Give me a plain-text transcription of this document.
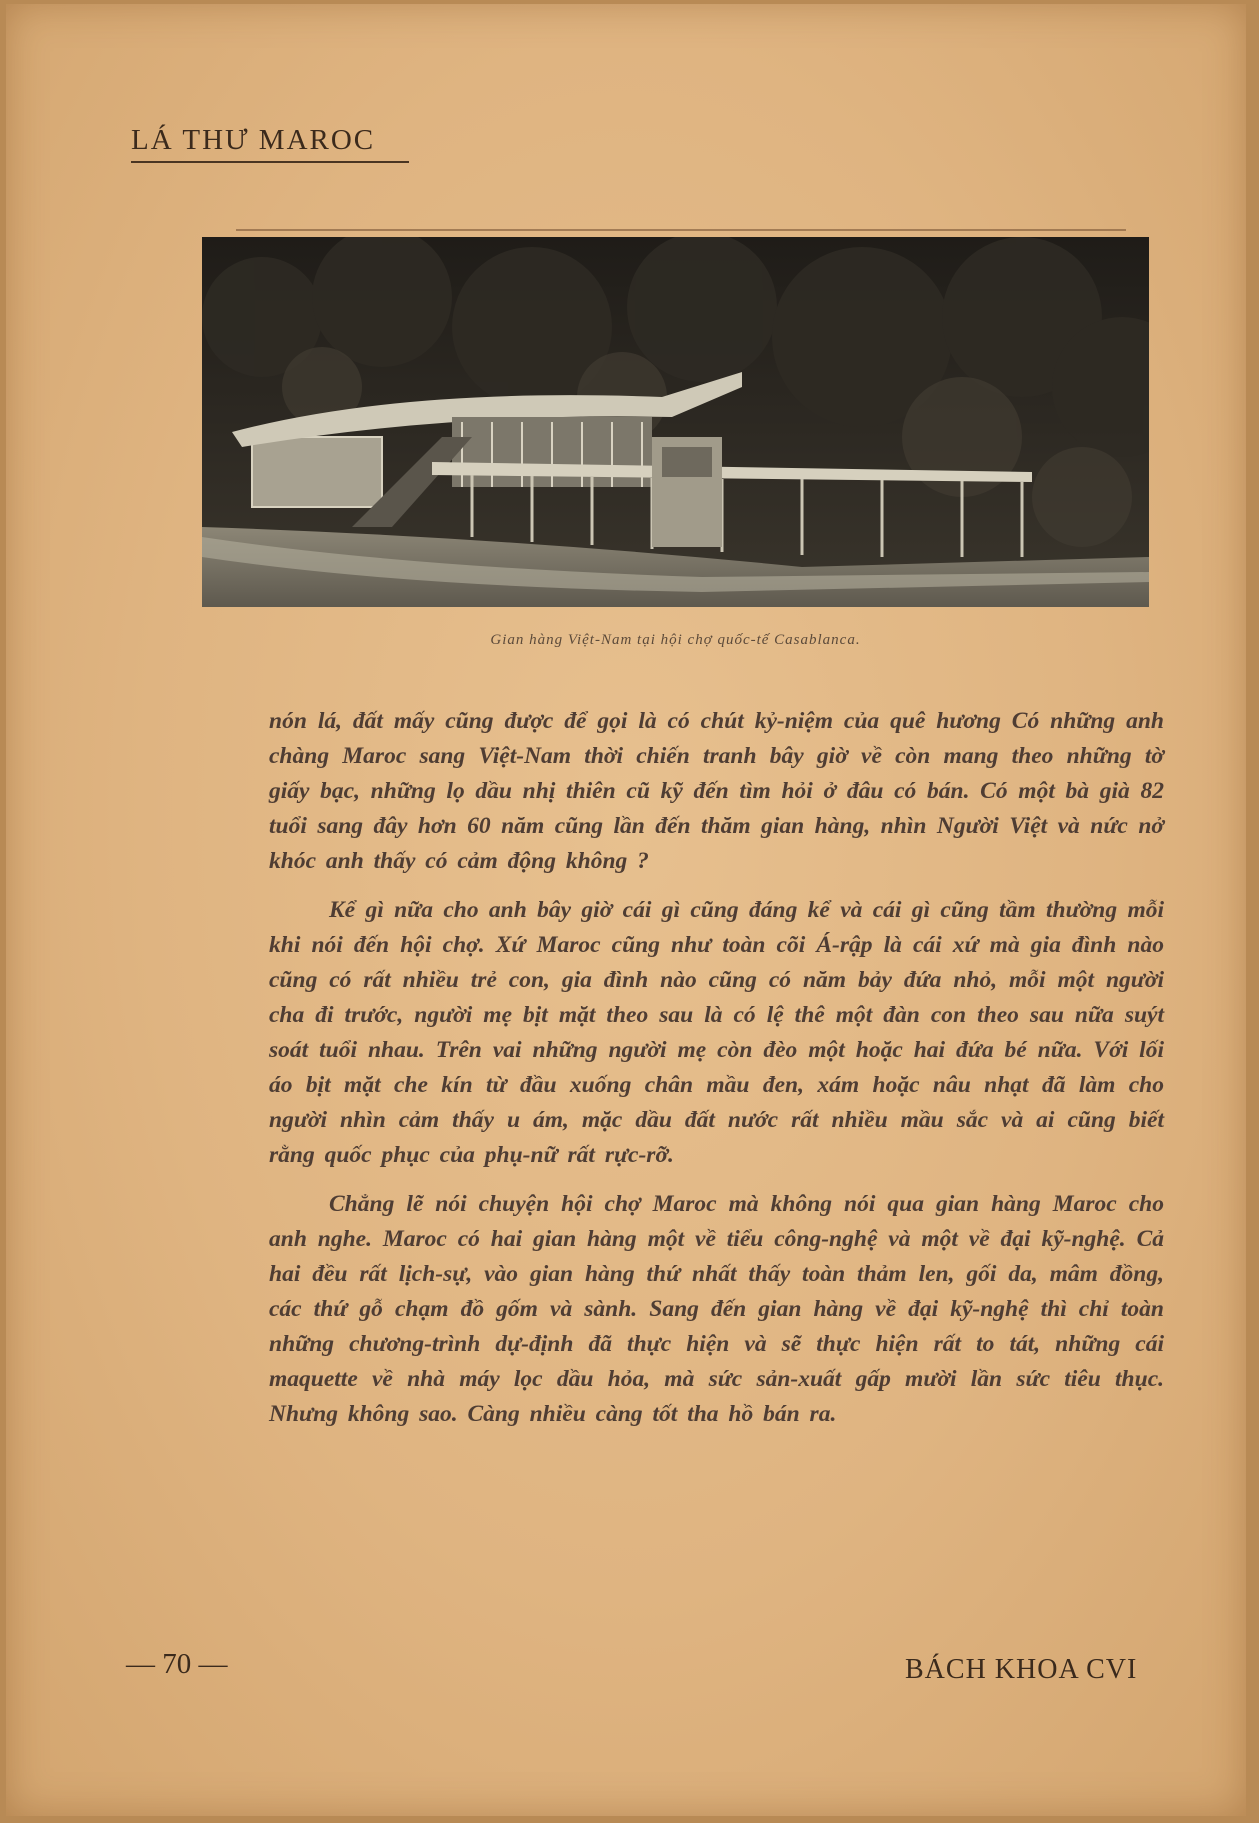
LÁ THƯ MAROC
Gian hàng Việt-Nam tại hội chợ quốc-tế Casablanca.

nón lá, đất mấy cũng được để gọi là có chút kỷ-niệm của quê hương Có những anh chàng Maroc sang Việt-Nam thời chiến tranh bây giờ về còn mang theo những tờ giấy bạc, những lọ dầu nhị thiên cũ kỹ đến tìm hỏi ở đâu có bán. Có một bà già 82 tuổi sang đây hơn 60 năm cũng lần đến thăm gian hàng, nhìn Người Việt và nức nở khóc anh thấy có cảm động không ?

Kể gì nữa cho anh bây giờ cái gì cũng đáng kể và cái gì cũng tầm thường mỗi khi nói đến hội chợ. Xứ Maroc cũng như toàn cõi Á-rập là cái xứ mà gia đình nào cũng có rất nhiều trẻ con, gia đình nào cũng có năm bảy đứa nhỏ, mỗi một người cha đi trước, người mẹ bịt mặt theo sau là có lệ thê một đàn con theo sau nữa suýt soát tuổi nhau. Trên vai những người mẹ còn đèo một hoặc hai đứa bé nữa. Với lối áo bịt mặt che kín từ đầu xuống chân mầu đen, xám hoặc nâu nhạt đã làm cho người nhìn cảm thấy u ám, mặc dầu đất nước rất nhiều mầu sắc và ai cũng biết rằng quốc phục của phụ-nữ rất rực-rỡ.

Chẳng lẽ nói chuyện hội chợ Maroc mà không nói qua gian hàng Maroc cho anh nghe. Maroc có hai gian hàng một về tiểu công-nghệ và một về đại kỹ-nghệ. Cả hai đều rất lịch-sự, vào gian hàng thứ nhất thấy toàn thảm len, gối da, mâm đồng, các thứ gỗ chạm đồ gốm và sành. Sang đến gian hàng về đại kỹ-nghệ thì chỉ toàn những chương-trình dự-định đã thực hiện và sẽ thực hiện rất to tát, những cái maquette về nhà máy lọc dầu hỏa, mà sức sản-xuất gấp mười lần sức tiêu thục. Nhưng không sao. Càng nhiều càng tốt tha hồ bán ra.

— 70 —	BÁCH KHOA CVI
